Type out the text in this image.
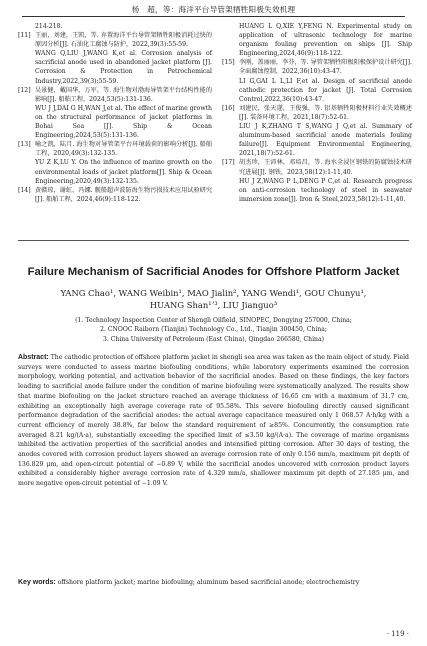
杨　超，等：海洋平台导管架牺牲阳极失效机理
214-218.
[11] 王丽，刘建，王凯，等. 弃置海洋平台导管架牺牲阳极消耗过快的原因分析[J]. 石油化工腐蚀与防护，2022,39(3):55-59.
WANG Q,LIU J,WANG K,et al. Corrosion analysis of sacrificial anode used in abandoned jacket platform [J]. Corrosion & Protection in Petrochemical Industry,2022,39(3):55-59.
[12] 吴景健，戴国华，万军，等. 海生物对渤海导管架平台结构性能的影响[J]. 船舶工程，2024,53(5):131-136.
WU J J,DAI G H,WAN J,et al. The effect of marine growth on the structural performance of jacket platforms in Bohai Sea [J]. Ship & Ocean Engineering,2024,53(5):131-136.
[13] 喻之凯，陆月. 海生物对导管架平台环境载荷的影响分析[J]. 船舶工程，2020,49(3):132-135.
YU Z K,LU Y. On the influence of marine growth on the environmental loads of jacket platform[J]. Ship & Ocean Engineering,2020,49(3):132-135.
[14] 黄赣琼，谢虹，冯娜. 舰船超声波防海生物污损技术应用试验研究[J]. 船舶工程，2024,46(9):118-122.
HUANG L Q,XIE Y,FENG N. Experimental study on application of ultrasonic technology for marine organism fouling prevention on ships [J]. Ship Engineering,2024,46(9):118-122.
[15] 李刚，盖丽丽，李芬，等. 导管架牺牲阳极阴极保护设计研究[J]. 全面腐蚀控制，2022,36(10):43-47.
LI G,GAI L L,LI F,et al. Design of sacrificial anode cathodic protection for jacket [J]. Total Corrosion Control,2022,36(10):43-47.
[16] 刘建民，张天遂，王俊强，等. 铝基牺牲阳极材料行业失效概述[J]. 装备环境工程，2021,18(7):52-61.
LIU J K,ZHANG T S,WANG J Q,et al. Summary of aluminum-based sacrificial anode materials fouling failure[J]. Equipment Environmental Engineering, 2021,18(7):52-61.
[17] 胡杰珍，王沛林，邓培昌，等. 海水全浸区钢铁的防腐蚀技术研究进展[J]. 钢铁，2023,58(12):1-11,40.
HU J Z,WANG P L,DENG P C,et al. Research progress on anti-corrosion technology of steel in seawater immersion zone[J]. Iron & Steel,2023,58(12):1-11,40.
Failure Mechanism of Sacrificial Anodes for Offshore Platform Jacket
YANG Chao¹, WANG Weibin¹, MAO Jialin², YANG Wendi¹, GOU Chunyu¹,
HUANG Shan¹ʼ³, LIU Jianguo³
(1. Technology Inspection Center of Shengli Oilfield, SINOPEC, Dongying 257000, China;
2. CNOOC Raiborn (Tianjin) Technology Co., Ltd., Tianjin 300450, China;
3. China University of Petroleum (East China), Qingdao 266580, China)
Abstract: The cathodic protection of offshore platform jacket in shengli sea area was taken as the main object of study. Field surveys were conducted to assess marine biofouling conditions, while laboratory experiments examined the corrosion morphology, working potential, and activation behavior of the sacrificial anodes. Based on these findings, the key factors leading to sacrificial anode failure under the condition of marine biofouling were systematically analyzed. The results show that marine biofouling on the jacket structure reached an average thickness of 16.65 cm with a maximum of 31.7 cm, exhibiting an exceptionally high average coverage rate of 95.58%. This severe biofouling directly caused significant performance degradation of the sacrificial anodes: the actual average capacitance measured only 1 068.57 A·h/kg with a current efficiency of merely 38.8%, far below the standard requirement of ≥85%. Concurrently, the consumption rate averaged 8.21 kg/(A·a), substantially exceeding the specified limit of ≤3.50 kg/(A·a). The coverage of marine organisms inhibited the activation properties of the sacrificial anodes and intensified pitting corrosion. After 30 days of testing, the anodes covered with corrosion product layers showed an average corrosion rate of only 0.156 mm/a, maximum pit depth of 136.829 μm, and open-circuit potential of −0.89 V, while the sacrificial anodes uncovered with corrosion product layers exhibited a considerably higher average corrosion rate of 4.329 mm/a, shallower maximum pit depth of 27.185 μm, and more negative open-circuit potential of −1.09 V.
Key words: offshore platform jacket; marine biofouling; aluminum based sacrificial anode; electrochemistry
· 119 ·
